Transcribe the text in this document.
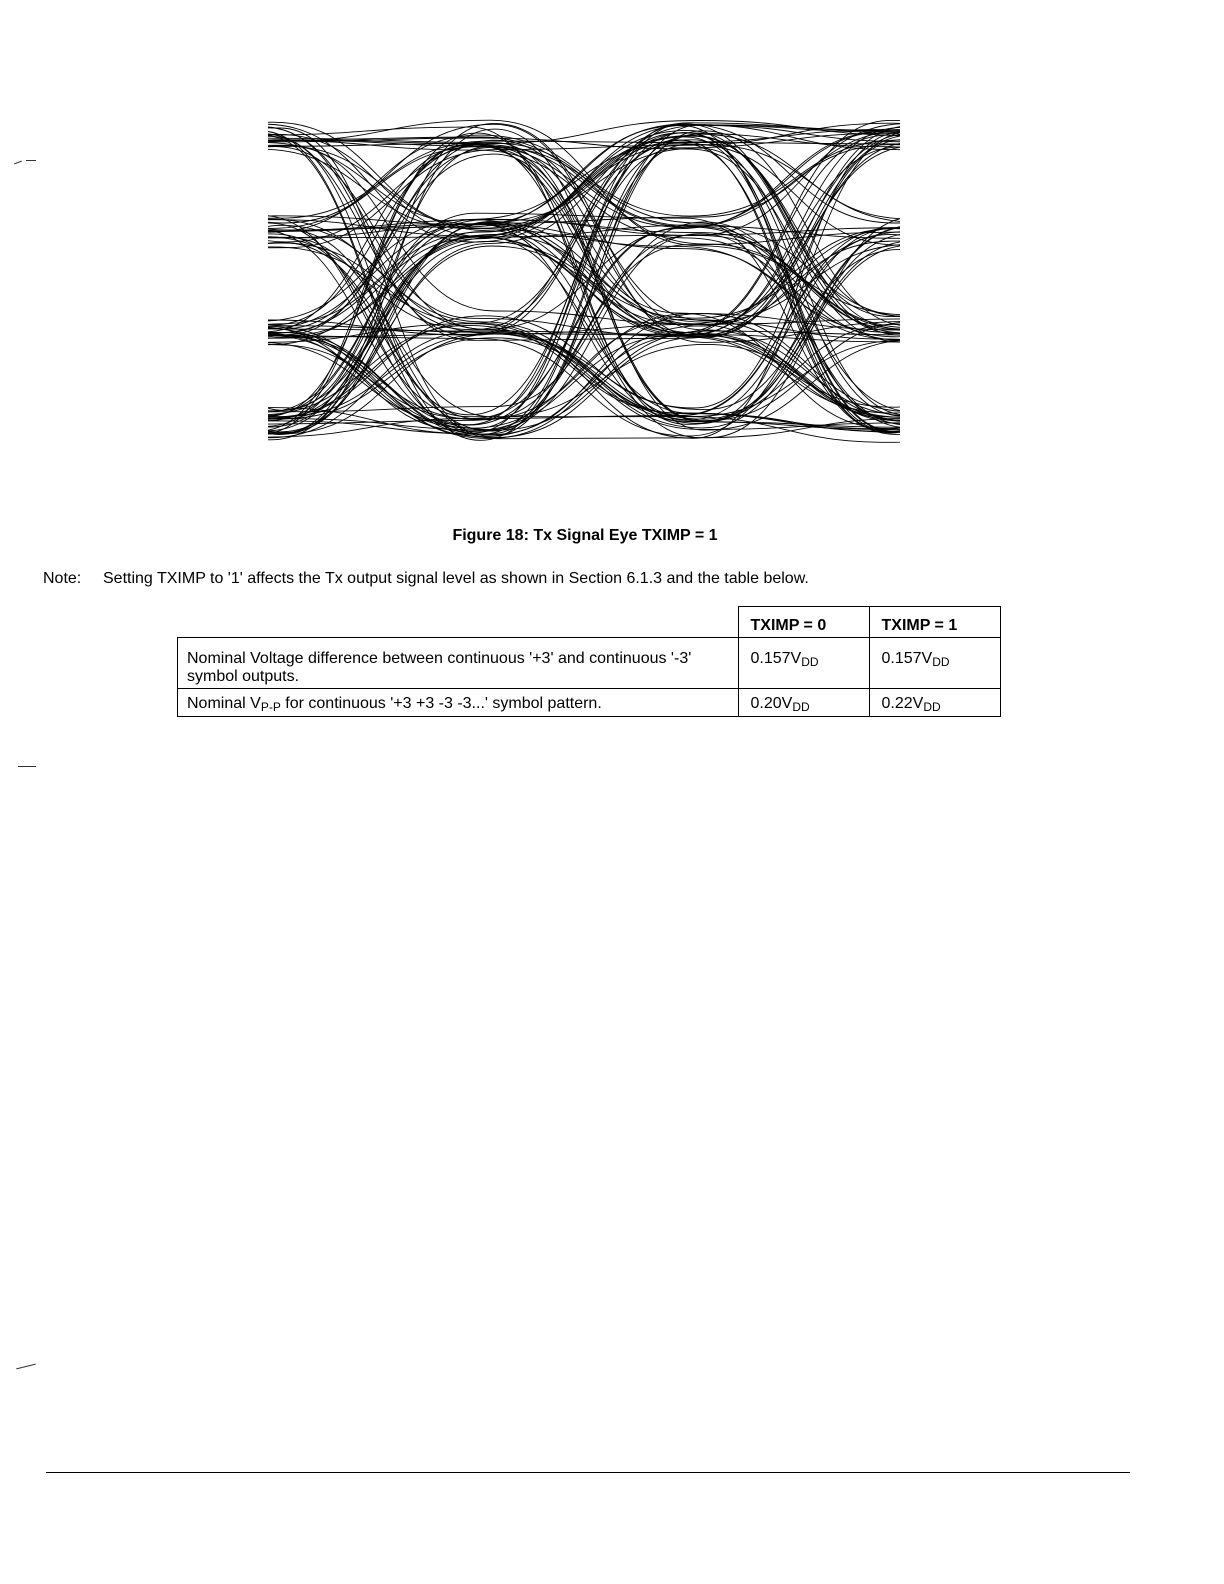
Figure 18: Tx Signal Eye TXIMP = 1
Note: Setting TXIMP to '1' affects the Tx output signal level as shown in Section 6.1.3 and the table below.
	TXIMP = 0	TXIMP = 1
Nominal Voltage difference between continuous '+3' and continuous '-3' symbol outputs.	$0.157V_{DD}$	$0.157V_{DD}$
Nominal $V_{P-P}$ for continuous '+3 +3 -3 -3...' symbol pattern.	$0.20V_{DD}$	$0.22V_{DD}$
